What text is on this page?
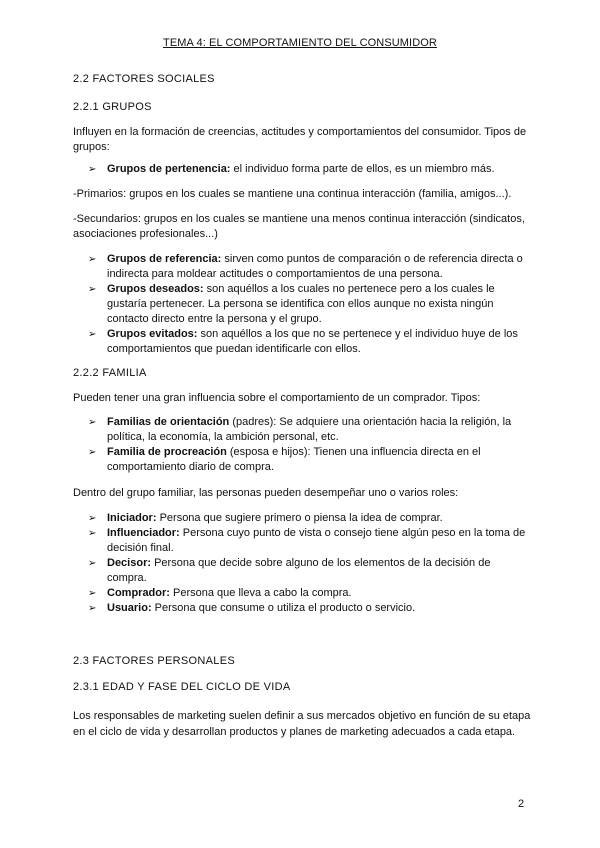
TEMA 4: EL COMPORTAMIENTO DEL CONSUMIDOR
2.2 FACTORES SOCIALES
2.2.1 GRUPOS

Influyen en la formación de creencias, actitudes y comportamientos del consumidor. Tipos de grupos:

➢ Grupos de pertenencia: el individuo forma parte de ellos, es un miembro más.

-Primarios: grupos en los cuales se mantiene una continua interacción (familia, amigos...).

-Secundarios: grupos en los cuales se mantiene una menos continua interacción (sindicatos, asociaciones profesionales...)

➢ Grupos de referencia: sirven como puntos de comparación o de referencia directa o indirecta para moldear actitudes o comportamientos de una persona.
➢ Grupos deseados: son aquéllos a los cuales no pertenece pero a los cuales le gustaría pertenecer. La persona se identifica con ellos aunque no exista ningún contacto directo entre la persona y el grupo.
➢ Grupos evitados: son aquéllos a los que no se pertenece y el individuo huye de los comportamientos que puedan identificarle con ellos.
2.2.2 FAMILIA

Pueden tener una gran influencia sobre el comportamiento de un comprador. Tipos:

➢ Familias de orientación (padres): Se adquiere una orientación hacia la religión, la política, la economía, la ambición personal, etc.
➢ Familia de procreación (esposa e hijos): Tienen una influencia directa en el comportamiento diario de compra.

Dentro del grupo familiar, las personas pueden desempeñar uno o varios roles:

➢ Iniciador: Persona que sugiere primero o piensa la idea de comprar.
➢ Influenciador: Persona cuyo punto de vista o consejo tiene algún peso en la toma de decisión final.
➢ Decisor: Persona que decide sobre alguno de los elementos de la decisión de compra.
➢ Comprador: Persona que lleva a cabo la compra.
➢ Usuario: Persona que consume o utiliza el producto o servicio.
2.3 FACTORES PERSONALES
2.3.1 EDAD Y FASE DEL CICLO DE VIDA

Los responsables de marketing suelen definir a sus mercados objetivo en función de su etapa en el ciclo de vida y desarrollan productos y planes de marketing adecuados a cada etapa.

2
